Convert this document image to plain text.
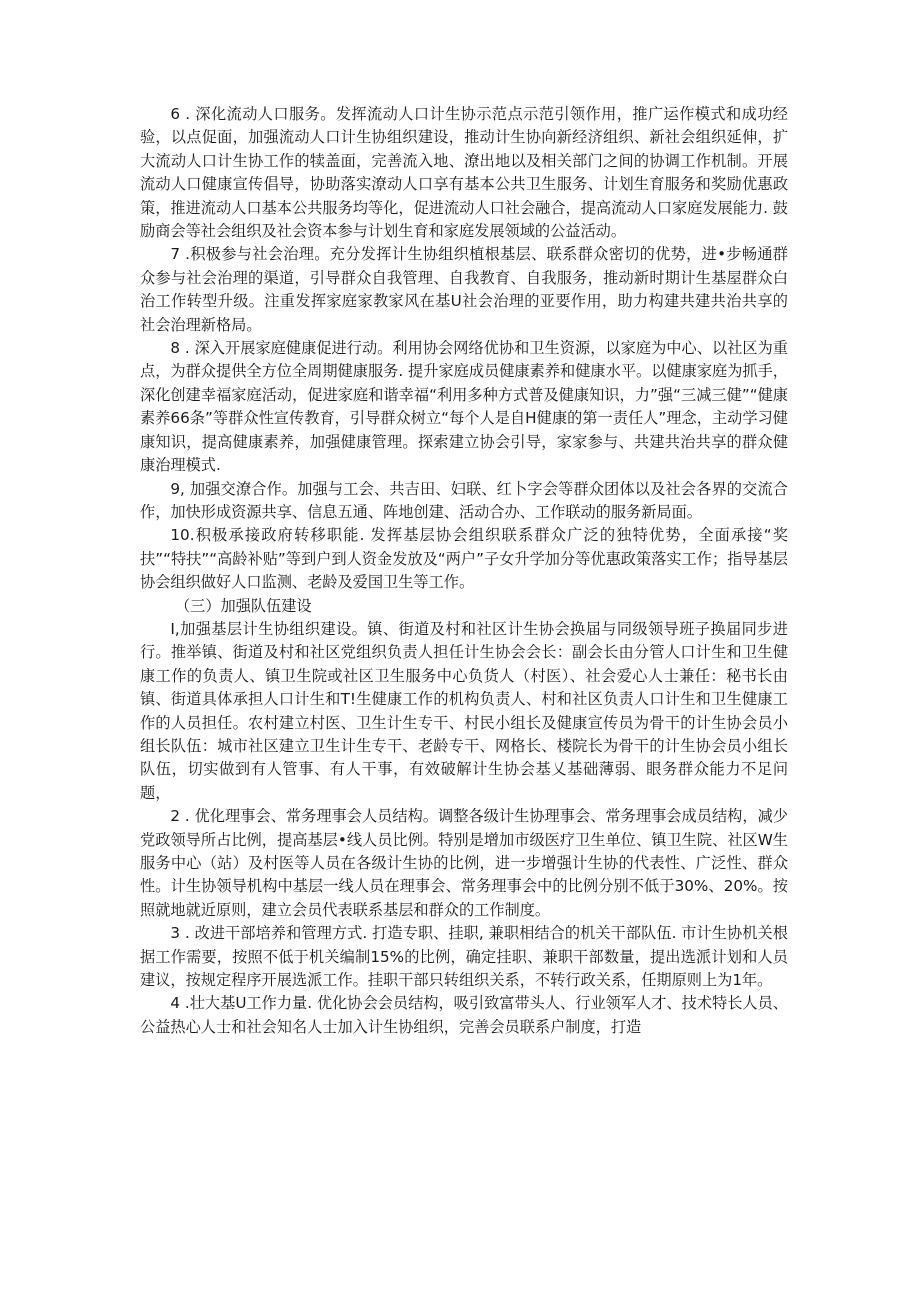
6 . 深化流动人口服务。发挥流动人口计生协示范点示范引领作用，推广运作模式和成功经验，以点促面，加强流动人口计生协组织建设，推动计生协向新经济组织、新社会组织延伸，扩大流动人口计生协工作的犊盖面，完善流入地、潦出地以及相关部门之间的协调工作机制。开展流动人口健康宣传倡导，协助落实潦动人口享有基本公共卫生服务、计划生育服务和奖励优惠政策，推进流动人口基本公共服务均等化，促进流动人口社会融合，提高流动人口家庭发展能力. 鼓励商会等社会组织及社会资本参与计划生育和家庭发展领域的公益活动。

7 .积极参与社会治理。充分发挥计生协组织植根基层、联系群众密切的优势，进•步畅通群众参与社会治理的渠道，引导群众自我管理、自我教育、自我服务，推动新时期计生基屋群众白治工作转型升级。注重发挥家庭家教家风在基U社会治理的亚要作用，助力构建共建共治共享的社会治理新格局。

8 . 深入开展家庭健康促进行动。利用协会网络优协和卫生资源，以家庭为中心、以社区为重点，为群众提供全方位全周期健康服务. 提升家庭成员健康素养和健康水平。以健康家庭为抓手，深化创建幸福家庭活动，促进家庭和谐幸福“利用多种方式普及健康知识，力”强“三减三健”“健康素养66条”等群众性宣传教育，引导群众树立“每个人是自H健康的第一责任人”理念，主动学习健康知识，提高健康素养，加强健康管理。探索建立协会引导，家家参与、共建共治共享的群众健康治理模式.

9, 加强交潦合作。加强与工会、共吉田、妇联、红卜字会等群众团体以及社会各界的交流合作，加快形成资源共享、信息五通、阵地创建、活动合办、工作联动的服务新局面。

10.积极承接政府转移职能. 发挥基层协会组织联系群众广泛的独特优势，全面承接“奖扶”“特扶”“高龄补贴”等到户到人资金发放及“两户”子女升学加分等优惠政策落实工作；指导基层协会组织做好人口监测、老龄及爱国卫生等工作。

（三）加强队伍建设

I,加强基层计生协组织建设。镇、街道及村和社区计生协会换届与同级领导班子换届同步进行。推举镇、街道及村和社区党组织负责人担任计生协会会长：副会长由分管人口计生和卫生健康工作的负责人、镇卫生院或社区卫生服务中心负货人（村医）、社会爱心人士兼任：秘书长由镇、街道具体承担人口计生和T!生健康工作的机构负责人、村和社区负责人口计生和卫生健康工作的人员担任。农村建立村医、卫生计生专干、村民小组长及健康宣传员为骨干的计生协会员小组长队伍：城市社区建立卫生计生专干、老龄专干、网格长、楼院长为骨干的计生协会员小组长队伍，切实做到有人管事、有人干事，有效破解计生协会基乂基础薄弱、眼务群众能力不足问题，

2 . 优化理事会、常务理事会人员结构。调整各级计生协理事会、常务理事会成员结构，减少党政领导所占比例，提高基层•线人员比例。特别是增加市级医疗卫生单位、镇卫生院、社区W生服务中心（站）及村医等人员在各级计生协的比例，进一步增强计生协的代表性、广泛性、群众性。计生协领导机构中基层一线人员在理事会、常务理事会中的比例分别不低于30%、20%。按照就地就近原则，建立会员代表联系基层和群众的工作制度。

3 . 改进干部培养和管理方式. 打造专职、挂职, 兼职相结合的机关干部队伍. 市计生协机关根据工作需要，按照不低于机关编制15%的比例，确定挂职、兼职干部数量，提出选派计划和人员建议，按规定程序开展选派工作。挂职干部只转组织关系，不转行政关系，任期原则上为1年。

4 .壮大基U工作力量. 优化协会会员结构，吸引致富带头人、行业领军人才、技术特长人员、公益热心人士和社会知名人士加入计生协组织，完善会员联系户制度，打造
